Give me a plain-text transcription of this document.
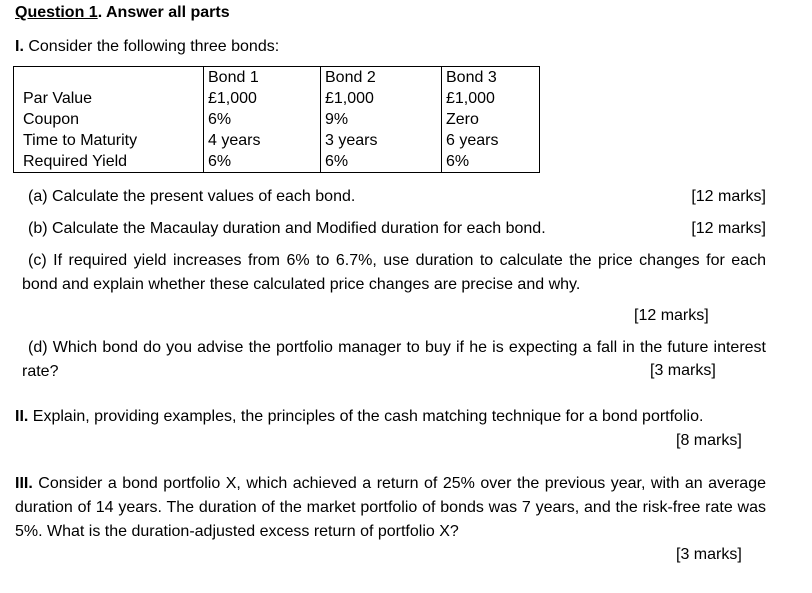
Question 1. Answer all parts
I. Consider the following three bonds:
	Bond 1	Bond 2	Bond 3
Par Value	£1,000	£1,000	£1,000
Coupon	6%	9%	Zero
Time to Maturity	4 years	3 years	6 years
Required Yield	6%	6%	6%
(a) Calculate the present values of each bond.	[12 marks]
(b) Calculate the Macaulay duration and Modified duration for each bond.	[12 marks]
(c) If required yield increases from 6% to 6.7%, use duration to calculate the price changes for each bond and explain whether these calculated price changes are precise and why.
[12 marks]
(d) Which bond do you advise the portfolio manager to buy if he is expecting a fall in the future interest rate?	[3 marks]
II. Explain, providing examples, the principles of the cash matching technique for a bond portfolio.
[8 marks]
III. Consider a bond portfolio X, which achieved a return of 25% over the previous year, with an average duration of 14 years. The duration of the market portfolio of bonds was 7 years, and the risk-free rate was 5%. What is the duration-adjusted excess return of portfolio X?
[3 marks]
